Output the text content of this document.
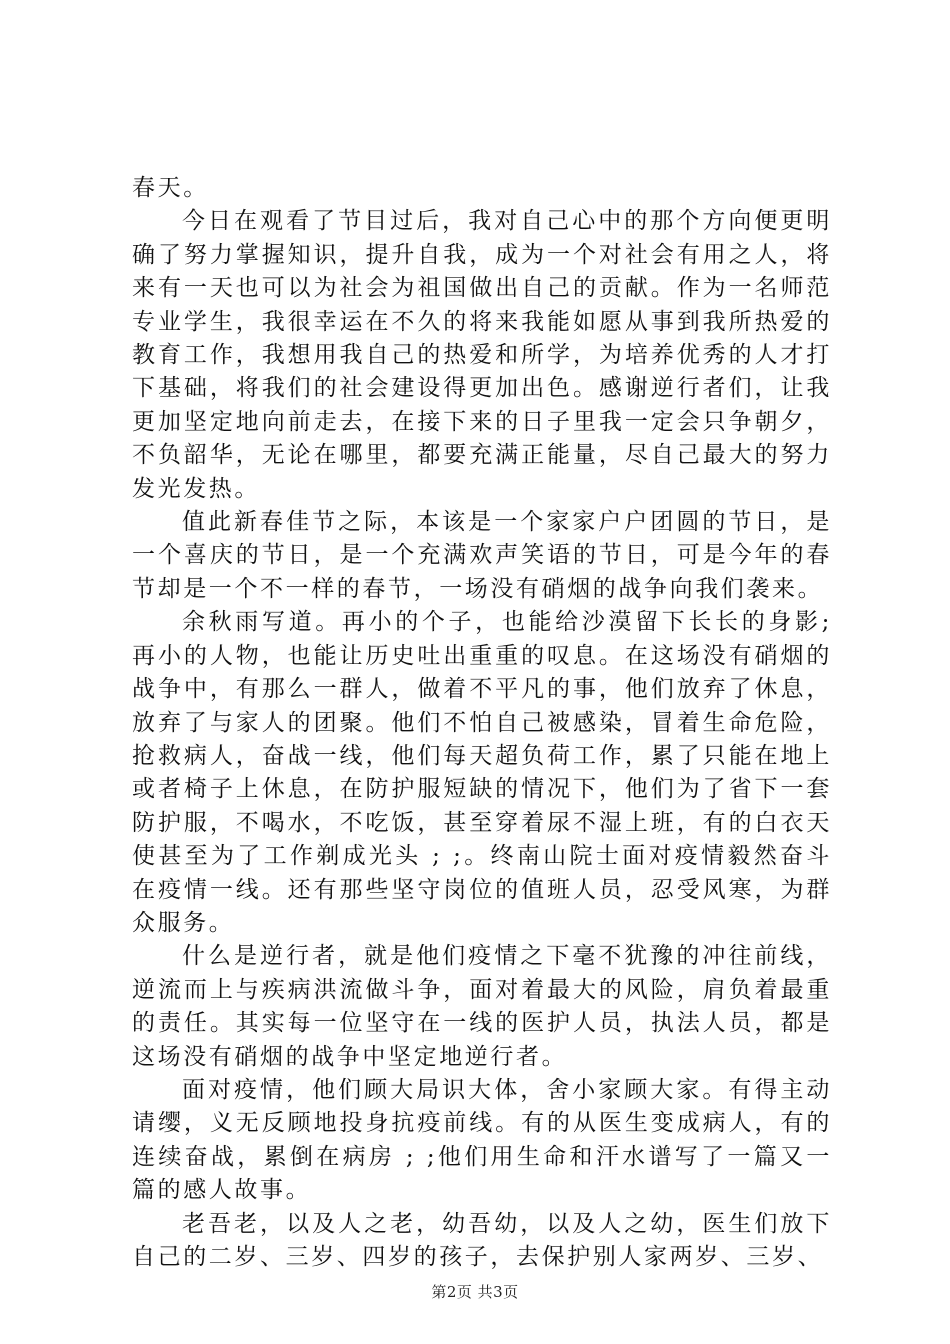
春天。

今日在观看了节目过后，我对自己心中的那个方向便更明确了努力掌握知识，提升自我，成为一个对社会有用之人，将来有一天也可以为社会为祖国做出自己的贡献。作为一名师范专业学生，我很幸运在不久的将来我能如愿从事到我所热爱的教育工作，我想用我自己的热爱和所学，为培养优秀的人才打下基础，将我们的社会建设得更加出色。感谢逆行者们，让我更加坚定地向前走去，在接下来的日子里我一定会只争朝夕，不负韶华，无论在哪里，都要充满正能量，尽自己最大的努力发光发热。

值此新春佳节之际，本该是一个家家户户团圆的节日，是一个喜庆的节日，是一个充满欢声笑语的节日，可是今年的春节却是一个不一样的春节，一场没有硝烟的战争向我们袭来。

余秋雨写道。再小的个子，也能给沙漠留下长长的身影;再小的人物，也能让历史吐出重重的叹息。在这场没有硝烟的战争中，有那么一群人，做着不平凡的事，他们放弃了休息，放弃了与家人的团聚。他们不怕自己被感染，冒着生命危险，抢救病人，奋战一线，他们每天超负荷工作，累了只能在地上或者椅子上休息，在防护服短缺的情况下，他们为了省下一套防护服，不喝水，不吃饭，甚至穿着尿不湿上班，有的白衣天使甚至为了工作剃成光头 ; ;。终南山院士面对疫情毅然奋斗在疫情一线。还有那些坚守岗位的值班人员，忍受风寒，为群众服务。

什么是逆行者，就是他们疫情之下毫不犹豫的冲往前线，逆流而上与疾病洪流做斗争，面对着最大的风险，肩负着最重的责任。其实每一位坚守在一线的医护人员，执法人员，都是这场没有硝烟的战争中坚定地逆行者。

面对疫情，他们顾大局识大体，舍小家顾大家。有得主动请缨，义无反顾地投身抗疫前线。有的从医生变成病人，有的连续奋战，累倒在病房 ; ;他们用生命和汗水谱写了一篇又一篇的感人故事。

老吾老，以及人之老，幼吾幼，以及人之幼，医生们放下自己的二岁、三岁、四岁的孩子，去保护别人家两岁、三岁、

第2页 共3页
